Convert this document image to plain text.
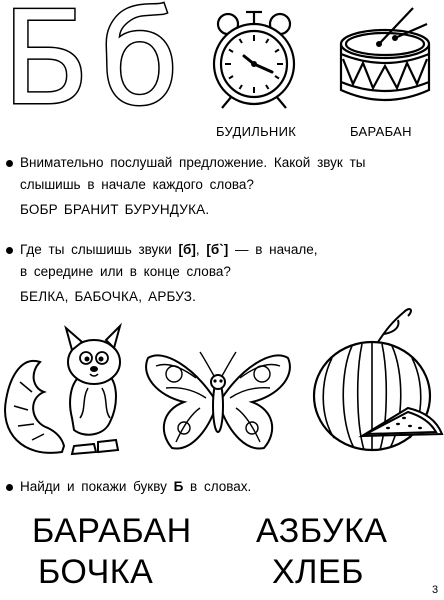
Б б	БУДИЛЬНИК	БАРАБАН
Внимательно послушай предложение. Какой звук ты
слышишь в начале каждого слова?
БОБР БРАНИТ БУРУНДУКА.
Где ты слышишь звуки [б], [б`] — в начале,
в середине или в конце слова?
БЕЛКА, БАБОЧКА, АРБУЗ.
Найди и покажи букву Б в словах.
БАРАБАН АЗБУКА
БОЧКА	ХЛЕБ	3
